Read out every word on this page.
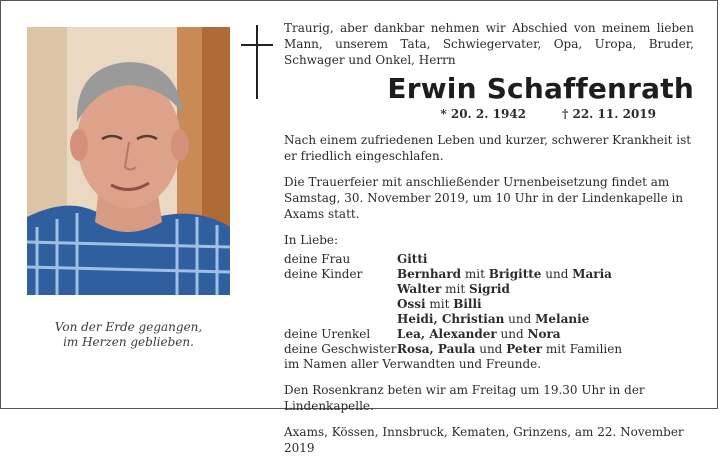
Von der Erde gegangen,
im Herzen geblieben.

Traurig, aber dankbar nehmen wir Abschied von meinem lieben Mann, unserem Tata, Schwiegervater, Opa, Uropa, Bruder, Schwager und Onkel, Herrn

Erwin Schaffenrath
* 20. 2. 1942	† 22. 11. 2019

Nach einem zufriedenen Leben und kurzer, schwerer Krankheit ist er friedlich eingeschlafen.

Die Trauerfeier mit anschließender Urnenbeisetzung findet am Samstag, 30. November 2019, um 10 Uhr in der Lindenkapelle in Axams statt.

In Liebe:

deine Frau	Gitti
deine Kinder	Bernhard mit Brigitte und Maria
Walter mit Sigrid
Ossi mit Billi
Heidi, Christian und Melanie
deine Urenkel	Lea, Alexander und Nora
deine Geschwister Rosa, Paula und Peter mit Familien

im Namen aller Verwandten und Freunde.

Den Rosenkranz beten wir am Freitag um 19.30 Uhr in der Lindenkapelle.

Axams, Kössen, Innsbruck, Kematen, Grinzens, am 22. November 2019
